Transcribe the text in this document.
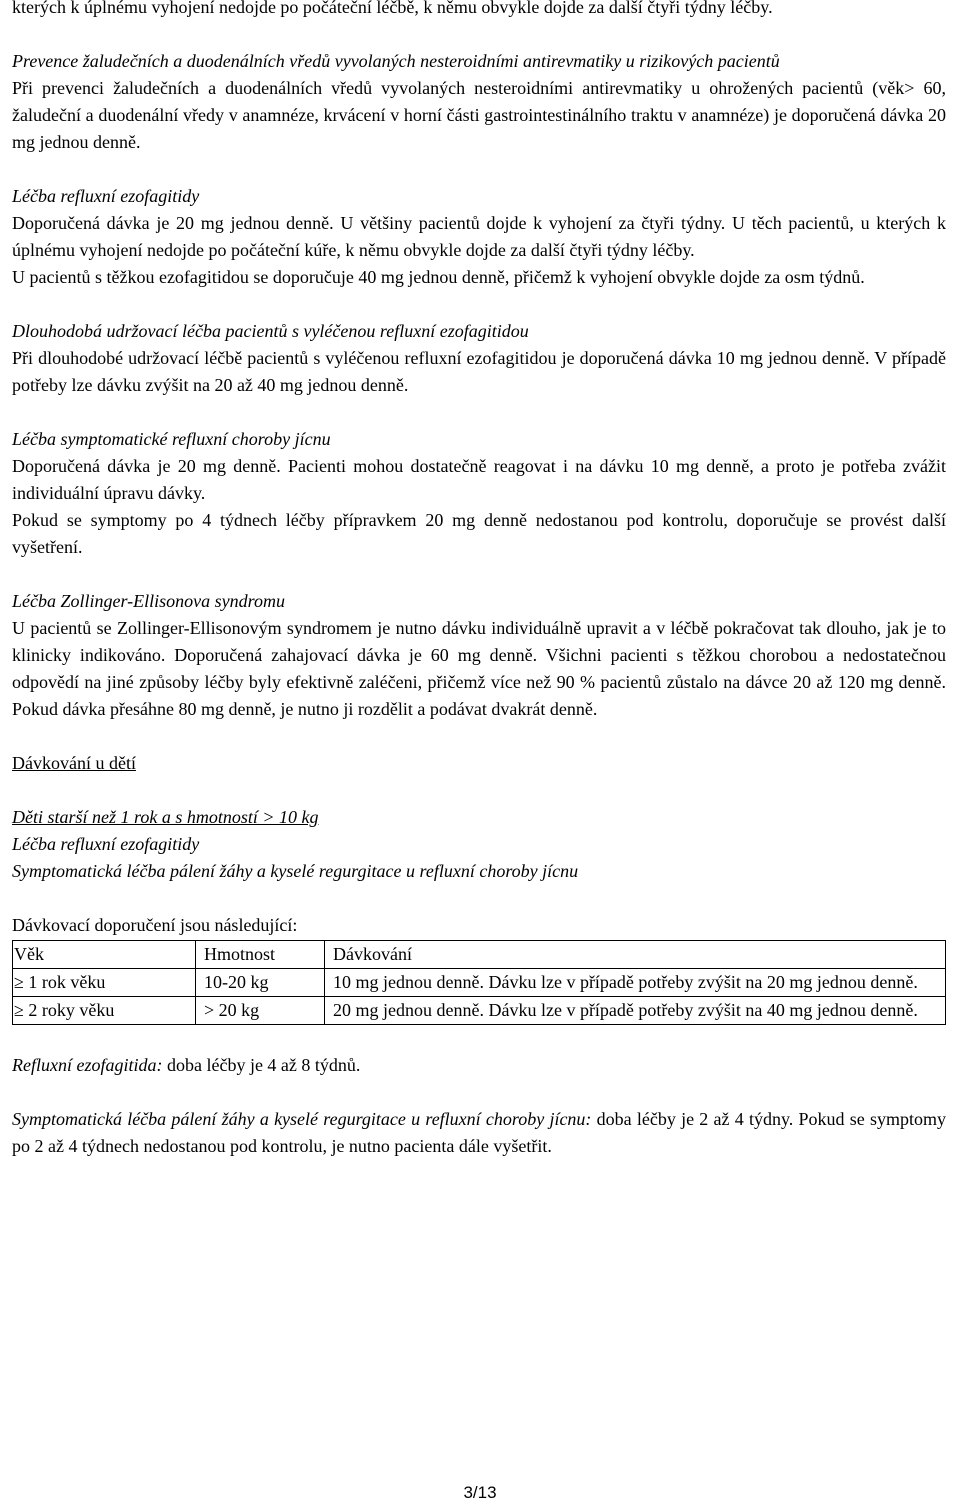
kterých k úplnému vyhojení nedojde po počáteční léčbě, k němu obvykle dojde za další čtyři týdny léčby.

Prevence žaludečních a duodenálních vředů vyvolaných nesteroidními antirevmatiky u rizikových pacientů

Při prevenci žaludečních a duodenálních vředů vyvolaných nesteroidními antirevmatiky u ohrožených pacientů (věk> 60, žaludeční a duodenální vředy v anamnéze, krvácení v horní části gastrointestinálního traktu v anamnéze) je doporučená dávka 20 mg jednou denně.

Léčba refluxní ezofagitidy

Doporučená dávka je 20 mg jednou denně. U většiny pacientů dojde k vyhojení za čtyři týdny. U těch pacientů, u kterých k úplnému vyhojení nedojde po počáteční kúře, k němu obvykle dojde za další čtyři týdny léčby.

U pacientů s těžkou ezofagitidou se doporučuje 40 mg jednou denně, přičemž k vyhojení obvykle dojde za osm týdnů.

Dlouhodobá udržovací léčba pacientů s vyléčenou refluxní ezofagitidou

Při dlouhodobé udržovací léčbě pacientů s vyléčenou refluxní ezofagitidou je doporučená dávka 10 mg jednou denně. V případě potřeby lze dávku zvýšit na 20 až 40 mg jednou denně.

Léčba symptomatické refluxní choroby jícnu

Doporučená dávka je 20 mg denně. Pacienti mohou dostatečně reagovat i na dávku 10 mg denně, a proto je potřeba zvážit individuální úpravu dávky.

Pokud se symptomy po 4 týdnech léčby přípravkem 20 mg denně nedostanou pod kontrolu, doporučuje se provést další vyšetření.

Léčba Zollinger-Ellisonova syndromu

U pacientů se Zollinger-Ellisonovým syndromem je nutno dávku individuálně upravit a v léčbě pokračovat tak dlouho, jak je to klinicky indikováno. Doporučená zahajovací dávka je 60 mg denně. Všichni pacienti s těžkou chorobou a nedostatečnou odpovědí na jiné způsoby léčby byly efektivně zaléčeni, přičemž více než 90 % pacientů zůstalo na dávce 20 až 120 mg denně. Pokud dávka přesáhne 80 mg denně, je nutno ji rozdělit a podávat dvakrát denně.

Dávkování u dětí

Děti starší než 1 rok a s hmotností > 10 kg

Léčba refluxní ezofagitidy

Symptomatická léčba pálení žáhy a kyselé regurgitace u refluxní choroby jícnu

Dávkovací doporučení jsou následující:

Věk	Hmotnost	Dávkování
≥ 1 rok věku	10-20 kg	10 mg jednou denně. Dávku lze v případě potřeby zvýšit na 20 mg jednou denně.
≥ 2 roky věku	> 20 kg	20 mg jednou denně. Dávku lze v případě potřeby zvýšit na 40 mg jednou denně.

Refluxní ezofagitida: doba léčby je 4 až 8 týdnů.

Symptomatická léčba pálení žáhy a kyselé regurgitace u refluxní choroby jícnu: doba léčby je 2 až 4 týdny. Pokud se symptomy po 2 až 4 týdnech nedostanou pod kontrolu, je nutno pacienta dále vyšetřit.

3/13
